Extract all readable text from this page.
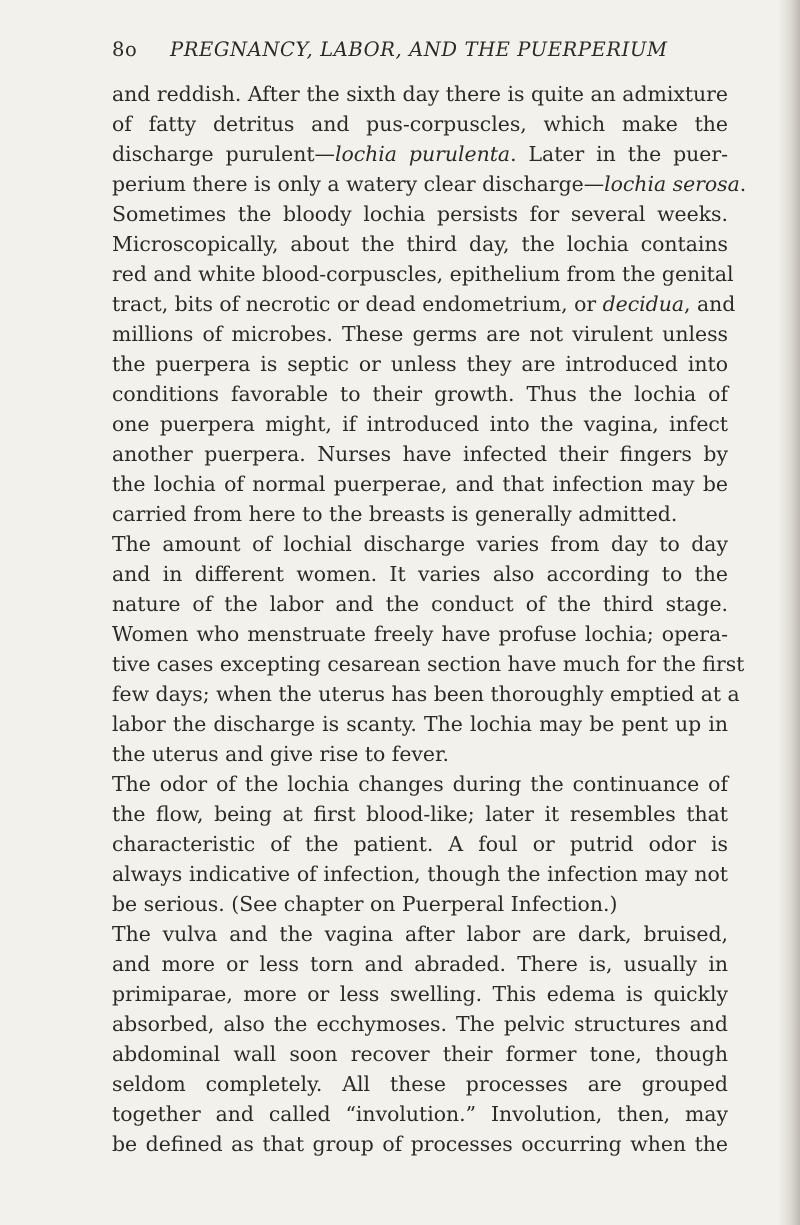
8o PREGNANCY, LABOR, AND THE PUERPERIUM
and reddish. After the sixth day there is quite an admixture
of fatty detritus and pus-corpuscles, which make the
discharge purulent—lochia purulenta. Later in the puer-
perium there is only a watery clear discharge—lochia serosa.
Sometimes the bloody lochia persists for several weeks.
Microscopically, about the third day, the lochia contains
red and white blood-corpuscles, epithelium from the genital
tract, bits of necrotic or dead endometrium, or decidua, and
millions of microbes. These germs are not virulent unless
the puerpera is septic or unless they are introduced into
conditions favorable to their growth. Thus the lochia of
one puerpera might, if introduced into the vagina, infect
another puerpera. Nurses have infected their fingers by
the lochia of normal puerperae, and that infection may be
carried from here to the breasts is generally admitted.
The amount of lochial discharge varies from day to day
and in different women. It varies also according to the
nature of the labor and the conduct of the third stage.
Women who menstruate freely have profuse lochia; opera-
tive cases excepting cesarean section have much for the first
few days; when the uterus has been thoroughly emptied at a
labor the discharge is scanty. The lochia may be pent up in
the uterus and give rise to fever.
The odor of the lochia changes during the continuance of
the flow, being at first blood-like; later it resembles that
characteristic of the patient. A foul or putrid odor is
always indicative of infection, though the infection may not
be serious. (See chapter on Puerperal Infection.)
The vulva and the vagina after labor are dark, bruised,
and more or less torn and abraded. There is, usually in
primiparae, more or less swelling. This edema is quickly
absorbed, also the ecchymoses. The pelvic structures and
abdominal wall soon recover their former tone, though
seldom completely. All these processes are grouped
together and called “involution.” Involution, then, may
be defined as that group of processes occurring when the
